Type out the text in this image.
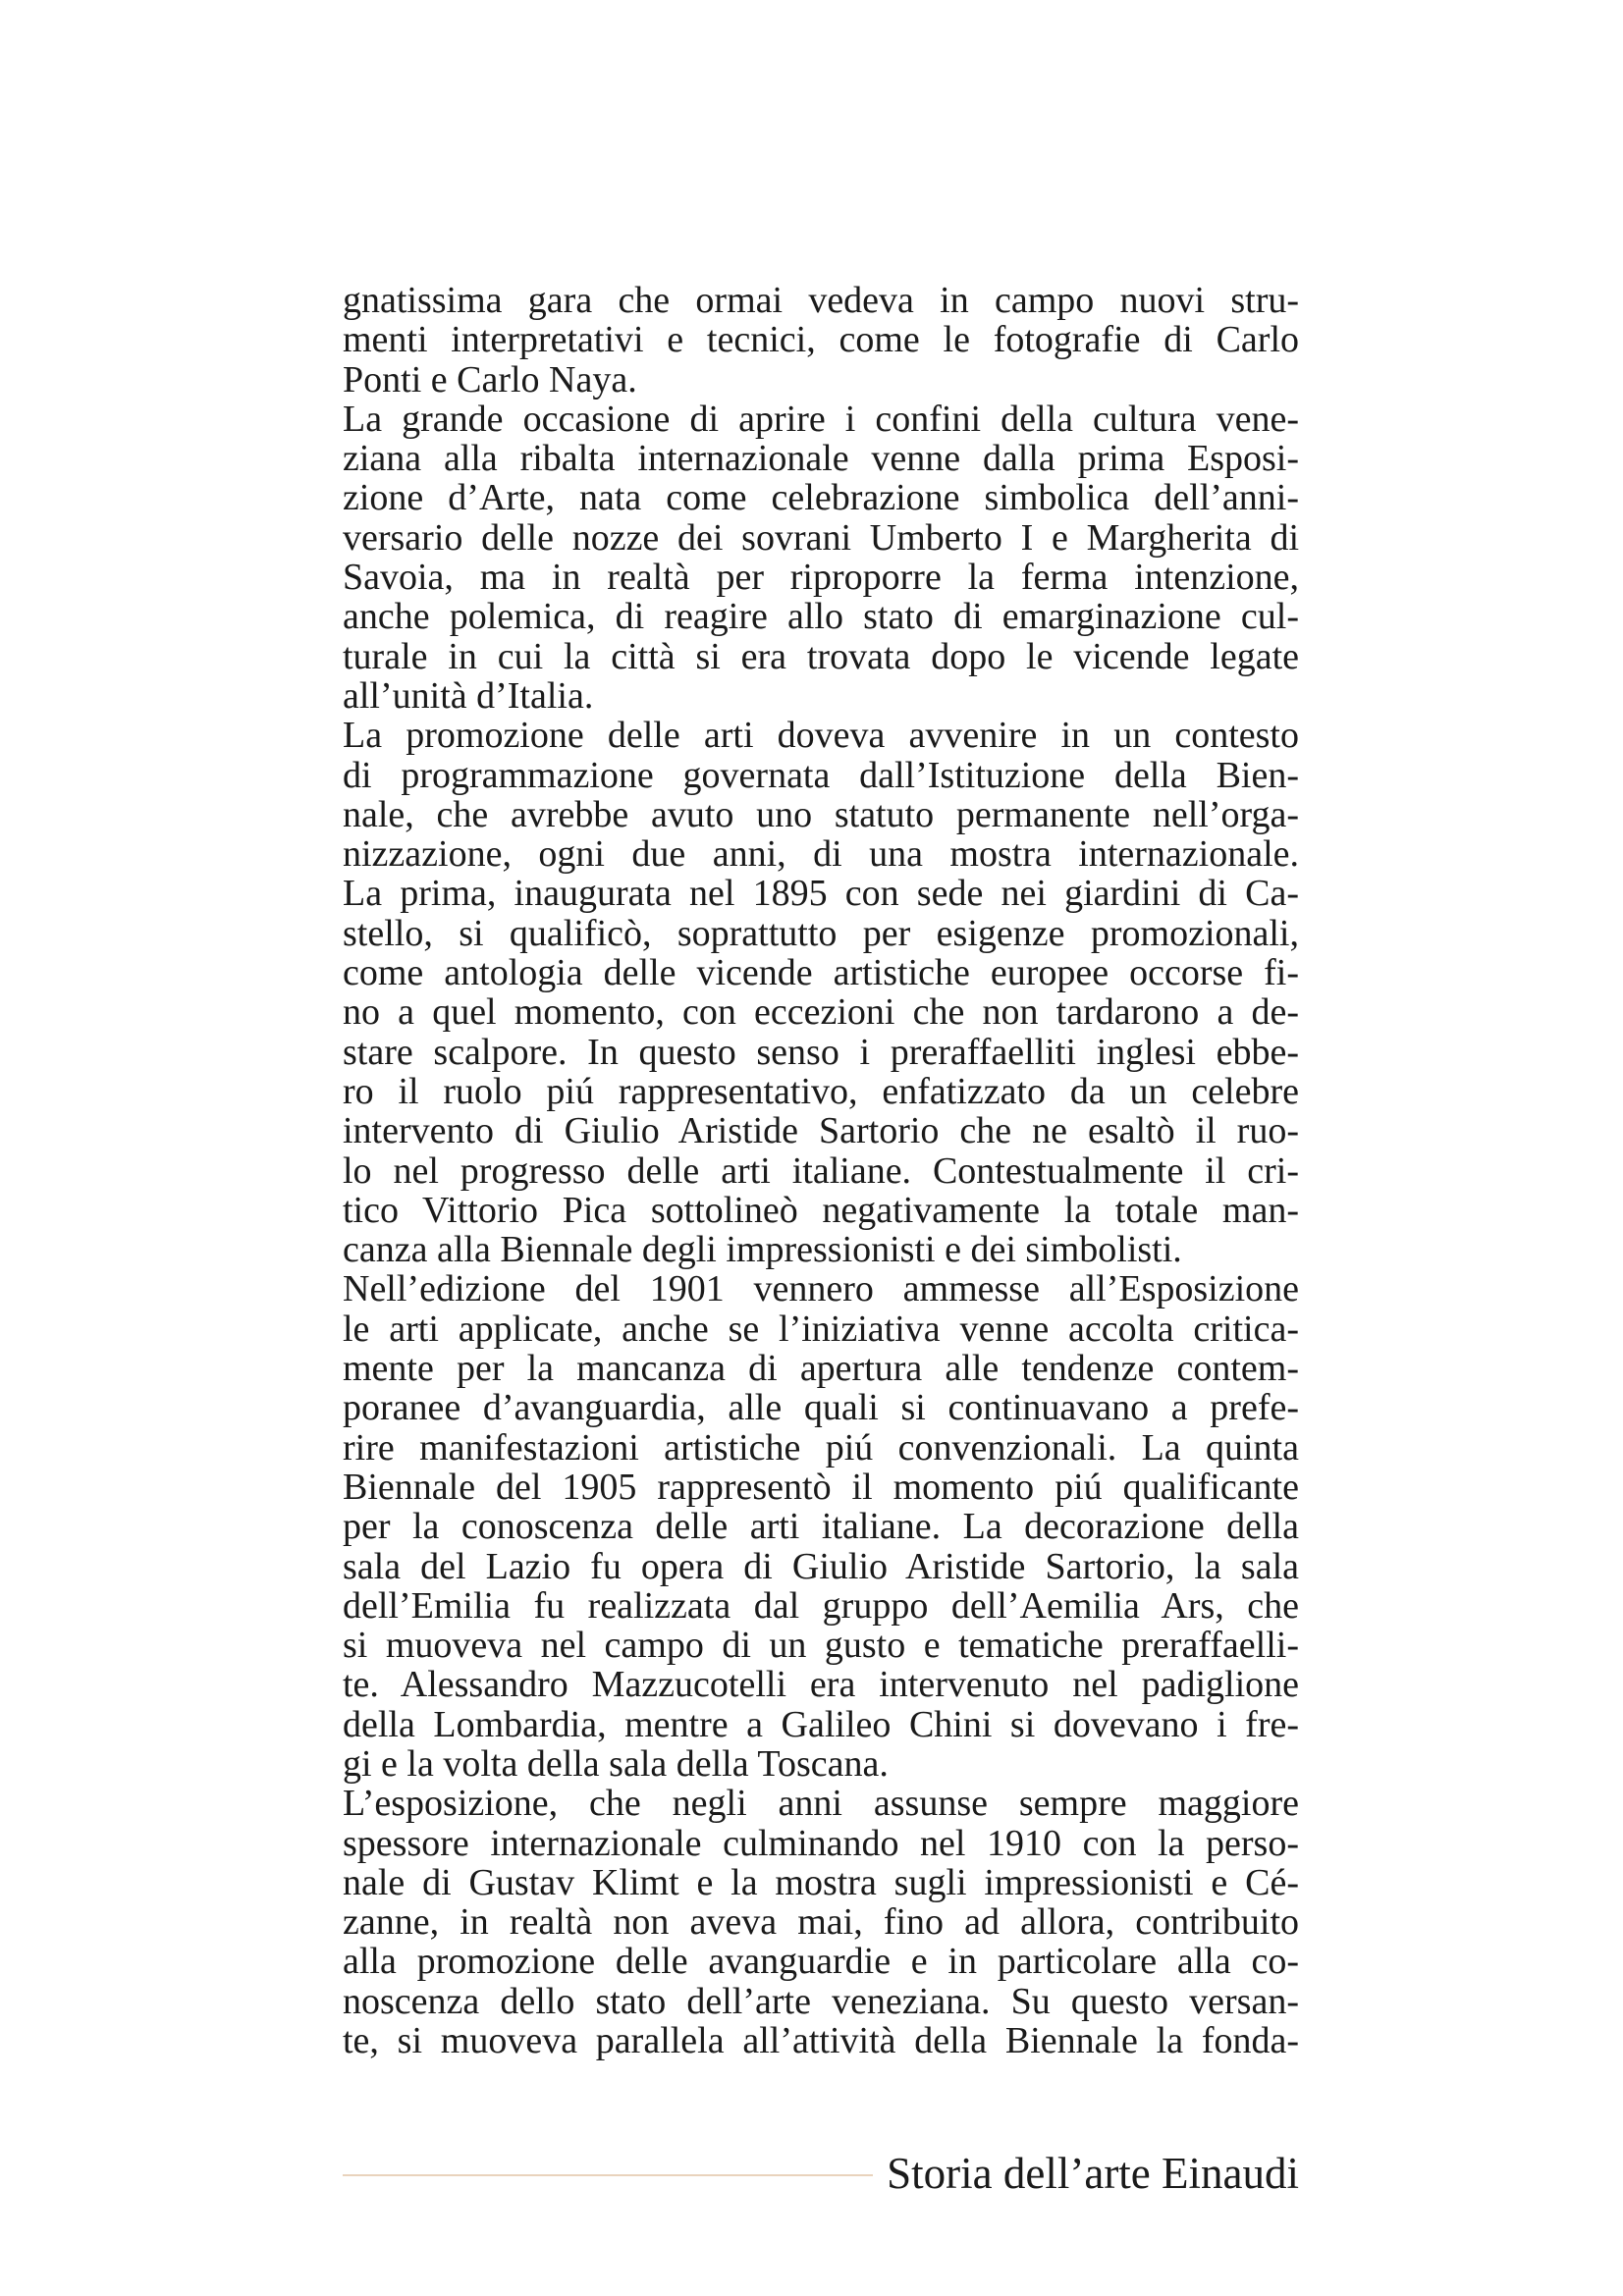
gnatissima gara che ormai vedeva in campo nuovi stru-
menti interpretativi e tecnici, come le fotografie di Carlo
Ponti e Carlo Naya.
La grande occasione di aprire i confini della cultura vene-
ziana alla ribalta internazionale venne dalla prima Esposi-
zione d’Arte, nata come celebrazione simbolica dell’anni-
versario delle nozze dei sovrani Umberto I e Margherita di
Savoia, ma in realtà per riproporre la ferma intenzione,
anche polemica, di reagire allo stato di emarginazione cul-
turale in cui la città si era trovata dopo le vicende legate
all’unità d’Italia.
La promozione delle arti doveva avvenire in un contesto
di programmazione governata dall’Istituzione della Bien-
nale, che avrebbe avuto uno statuto permanente nell’orga-
nizzazione, ogni due anni, di una mostra internazionale.
La prima, inaugurata nel 1895 con sede nei giardini di Ca-
stello, si qualificò, soprattutto per esigenze promozionali,
come antologia delle vicende artistiche europee occorse fi-
no a quel momento, con eccezioni che non tardarono a de-
stare scalpore. In questo senso i preraffaelliti inglesi ebbe-
ro il ruolo piú rappresentativo, enfatizzato da un celebre
intervento di Giulio Aristide Sartorio che ne esaltò il ruo-
lo nel progresso delle arti italiane. Contestualmente il cri-
tico Vittorio Pica sottolineò negativamente la totale man-
canza alla Biennale degli impressionisti e dei simbolisti.
Nell’edizione del 1901 vennero ammesse all’Esposizione
le arti applicate, anche se l’iniziativa venne accolta critica-
mente per la mancanza di apertura alle tendenze contem-
poranee d’avanguardia, alle quali si continuavano a prefe-
rire manifestazioni artistiche piú convenzionali. La quinta
Biennale del 1905 rappresentò il momento piú qualificante
per la conoscenza delle arti italiane. La decorazione della
sala del Lazio fu opera di Giulio Aristide Sartorio, la sala
dell’Emilia fu realizzata dal gruppo dell’Aemilia Ars, che
si muoveva nel campo di un gusto e tematiche preraffaelli-
te. Alessandro Mazzucotelli era intervenuto nel padiglione
della Lombardia, mentre a Galileo Chini si dovevano i fre-
gi e la volta della sala della Toscana.
L’esposizione, che negli anni assunse sempre maggiore
spessore internazionale culminando nel 1910 con la perso-
nale di Gustav Klimt e la mostra sugli impressionisti e Cé-
zanne, in realtà non aveva mai, fino ad allora, contribuito
alla promozione delle avanguardie e in particolare alla co-
noscenza dello stato dell’arte veneziana. Su questo versan-
te, si muoveva parallela all’attività della Biennale la fonda-
Storia dell’arte Einaudi
